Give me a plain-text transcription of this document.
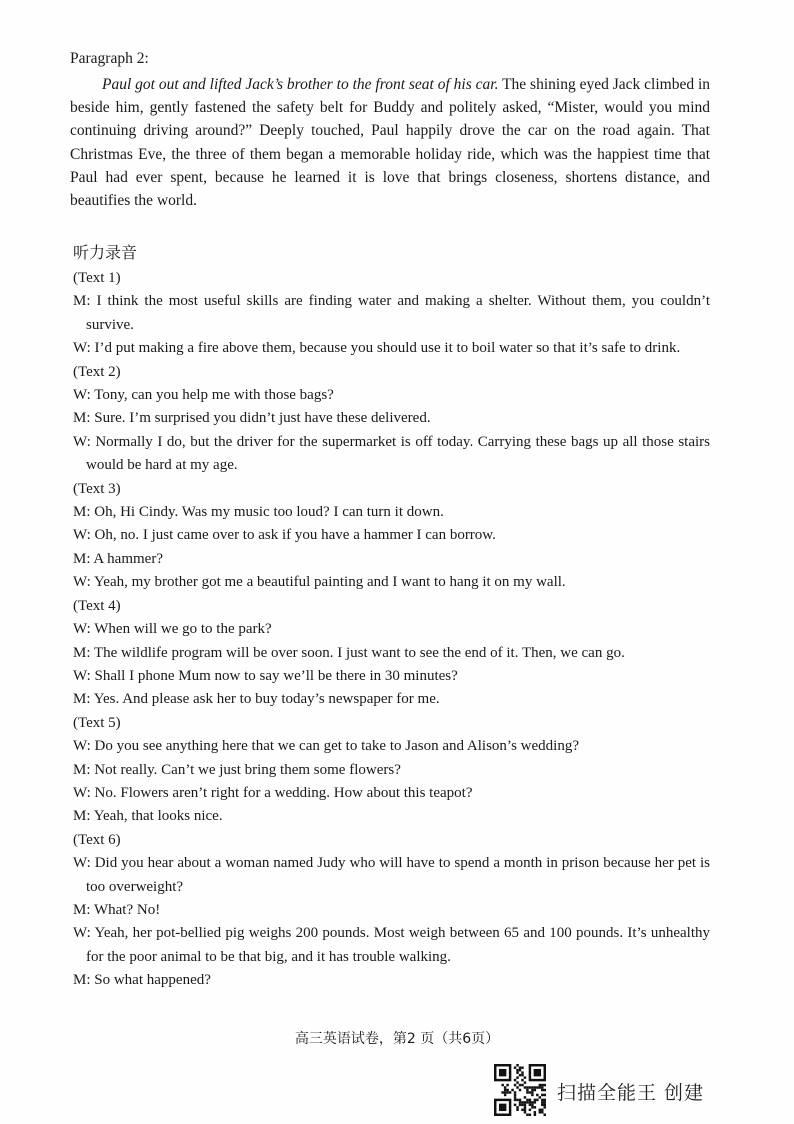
Paragraph 2:
Paul got out and lifted Jack’s brother to the front seat of his car. The shining eyed Jack climbed in beside him, gently fastened the safety belt for Buddy and politely asked, “Mister, would you mind continuing driving around?” Deeply touched, Paul happily drove the car on the road again. That Christmas Eve, the three of them began a memorable holiday ride, which was the happiest time that Paul had ever spent, because he learned it is love that brings closeness, shortens distance, and beautifies the world.
听力录音
(Text 1)
M: I think the most useful skills are finding water and making a shelter. Without them, you couldn’t survive.
W: I’d put making a fire above them, because you should use it to boil water so that it’s safe to drink.
(Text 2)
W: Tony, can you help me with those bags?
M: Sure. I’m surprised you didn’t just have these delivered.
W: Normally I do, but the driver for the supermarket is off today. Carrying these bags up all those stairs would be hard at my age.
(Text 3)
M: Oh, Hi Cindy. Was my music too loud? I can turn it down.
W: Oh, no. I just came over to ask if you have a hammer I can borrow.
M: A hammer?
W: Yeah, my brother got me a beautiful painting and I want to hang it on my wall.
(Text 4)
W: When will we go to the park?
M: The wildlife program will be over soon. I just want to see the end of it. Then, we can go.
W: Shall I phone Mum now to say we’ll be there in 30 minutes?
M: Yes. And please ask her to buy today’s newspaper for me.
(Text 5)
W: Do you see anything here that we can get to take to Jason and Alison’s wedding?
M: Not really. Can’t we just bring them some flowers?
W: No. Flowers aren’t right for a wedding. How about this teapot?
M: Yeah, that looks nice.
(Text 6)
W: Did you hear about a woman named Judy who will have to spend a month in prison because her pet is too overweight?
M: What? No!
W: Yeah, her pot-bellied pig weighs 200 pounds. Most weigh between 65 and 100 pounds. It’s unhealthy for the poor animal to be that big, and it has trouble walking.
M: So what happened?
高三英语试卷，第2 页（共6页）
扫描全能王 创建
